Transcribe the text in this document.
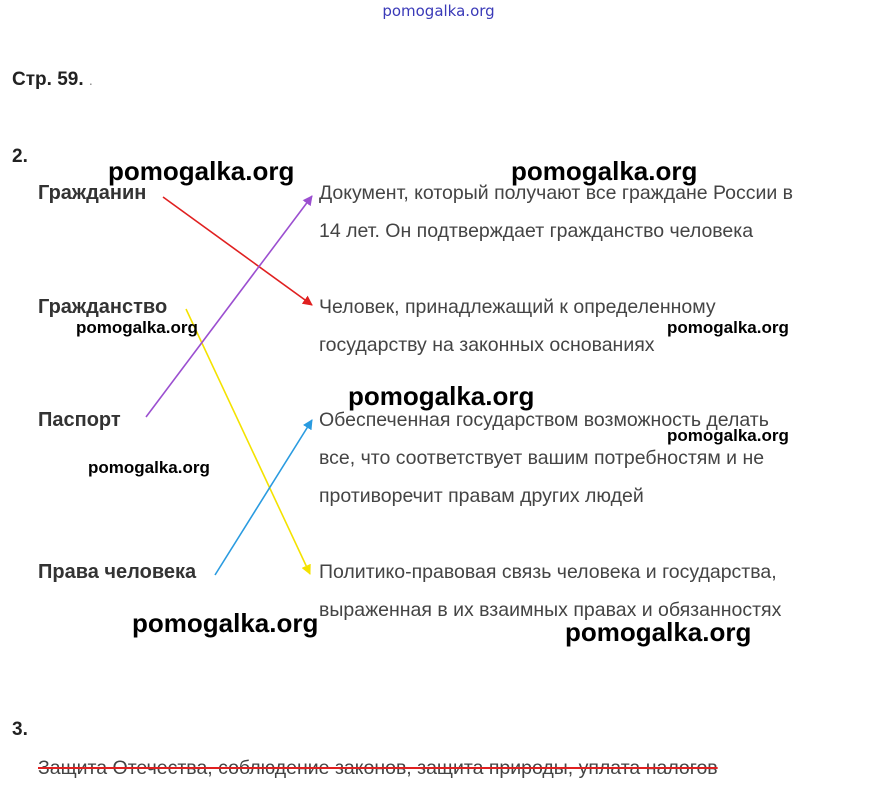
pomogalka.org
Стр. 59. .
2.
Гражданин
Гражданство
Паспорт
Права человека
Документ, который получают все граждане России в
14 лет. Он подтверждает гражданство человека
Человек, принадлежащий к определенному
государству на законных основаниях
Обеспеченная государством возможность делать
все, что соответствует вашим потребностям и не
противоречит правам других людей
Политико-правовая связь человека и государства,
выраженная в их взаимных правах и обязанностях
pomogalka.org	pomogalka.org
pomogalka.org	pomogalka.org
pomogalka.org
pomogalka.org
pomogalka.org
pomogalka.org	pomogalka.org
3.
Защита Отечества, соблюдение законов, защита природы, уплата налогов
